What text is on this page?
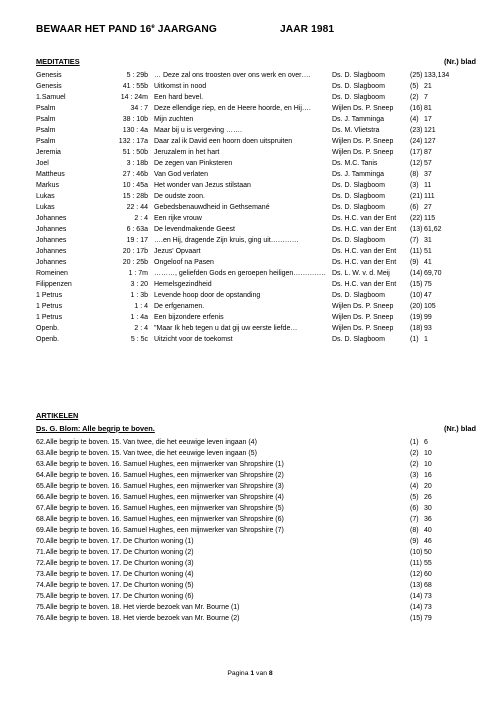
BEWAAR HET PAND 16e JAARGANG	JAAR 1981
MEDITATIES	(Nr.) blad
Genesis	5 : 29b … Deze zal ons troosten over ons werk en over….	Ds. D. Slagboom	(25) 133,134
Genesis	41 : 55b Uitkomst in nood	Ds. D. Slagboom	(5) 21
1.Samuel	14 : 24m Een hard bevel.	Ds. D. Slagboom	(2) 7
Psalm	34 : 7 Deze ellendige riep, en de Heere hoorde, en Hij….	Wijlen Ds. P. Sneep (16) 81
Psalm	38 : 10b Mijn zuchten	Ds. J. Tamminga	(4) 17
Psalm	130 : 4a Maar bij u is vergeving …….	Ds. M. Vlietstra	(23) 121
Psalm	132 : 17a Daar zal ik David een hoorn doen uitspruiten	Wijlen Ds. P. Sneep (24) 127
Jeremia	51 : 50b Jeruzalem in het hart	Wijlen Ds. P. Sneep (17) 87
Joel	3 : 18b De zegen van Pinksteren	Ds. M.C. Tanis	(12) 57
Mattheus	27 : 46b Van God verlaten	Ds. J. Tamminga	(8) 37
Markus	10 : 45a Het wonder van Jezus stilstaan	Ds. D. Slagboom	(3) 11
Lukas	15 : 28b De oudste zoon.	Ds. D. Slagboom	(21) 111
Lukas	22 : 44 Gebedsbenauwdheid in Gethsemané	Ds. D. Slagboom	(6) 27
Johannes	2 : 4 Een rijke vrouw	Ds. H.C. van der Ent (22) 115
Johannes	6 : 63a De levendmakende Geest	Ds. H.C. van der Ent (13) 61,62
Johannes	19 : 17 ….en Hij, dragende Zijn kruis, ging uit…………	Ds. D. Slagboom	(7) 31
Johannes	20 : 17b Jezus' Opvaart	Ds. H.C. van der Ent (11) 51
Johannes	20 : 25b Ongeloof na Pasen	Ds. H.C. van der Ent (9) 41
Romeinen	1 : 7m ………, geliefden Gods en geroepen heiligen………….. Ds. L. W. v. d. Meij	(14) 69,70
Filippenzen	3 : 20 Hemelsgezindheid	Ds. H.C. van der Ent (15) 75
1 Petrus	1 : 3b Levende hoop door de opstanding	Ds. D. Slagboom	(10) 47
1 Petrus	1 : 4 De erfgenamen.	Wijlen Ds. P. Sneep (20) 105
1 Petrus	1 : 4a Een bijzondere erfenis	Wijlen Ds. P. Sneep (19) 99
Openb.	2 : 4 "Maar Ik heb tegen u dat gij uw eerste liefde…	Wijlen Ds. P. Sneep (18) 93
Openb.	5 : 5c Uitzicht voor de toekomst	Ds. D. Slagboom	(1) 1
ARTIKELEN
Ds. G. Blom: Alle begrip te boven.	(Nr.) blad
62.Alle begrip te boven. 15. Van twee, die het eeuwige leven ingaan (4)	(1) 6
63.Alle begrip te boven. 15. Van twee, die het eeuwige leven ingaan (5)	(2) 10
63.Alle begrip te boven. 16. Samuel Hughes, een mijnwerker van Shropshire (1)	(2) 10
64.Alle begrip te boven. 16. Samuel Hughes, een mijnwerker van Shropshire (2)	(3) 16
65.Alle begrip te boven. 16. Samuel Hughes, een mijnwerker van Shropshire (3)	(4) 20
66.Alle begrip te boven. 16. Samuel Hughes, een mijnwerker van Shropshire (4)	(5) 26
67.Alle begrip te boven. 16. Samuel Hughes, een mijnwerker van Shropshire (5)	(6) 30
68.Alle begrip te boven. 16. Samuel Hughes, een mijnwerker van Shropshire (6)	(7) 36
69.Alle begrip te boven. 16. Samuel Hughes, een mijnwerker van Shropshire (7)	(8) 40
70.Alle begrip te boven. 17. De Churton woning (1)	(9) 46
71.Alle begrip te boven. 17. De Churton woning (2)	(10) 50
72.Alle begrip te boven. 17. De Churton woning (3)	(11) 55
73.Alle begrip te boven. 17. De Churton woning (4)	(12) 60
74.Alle begrip te boven. 17. De Churton woning (5)	(13) 68
75.Alle begrip te boven. 17. De Churton woning (6)	(14) 73
75.Alle begrip te boven. 18. Het vierde bezoek van Mr. Bourne (1)	(14) 73
76.Alle begrip te boven. 18. Het vierde bezoek van Mr. Bourne (2)	(15) 79
Pagina 1 van 8
